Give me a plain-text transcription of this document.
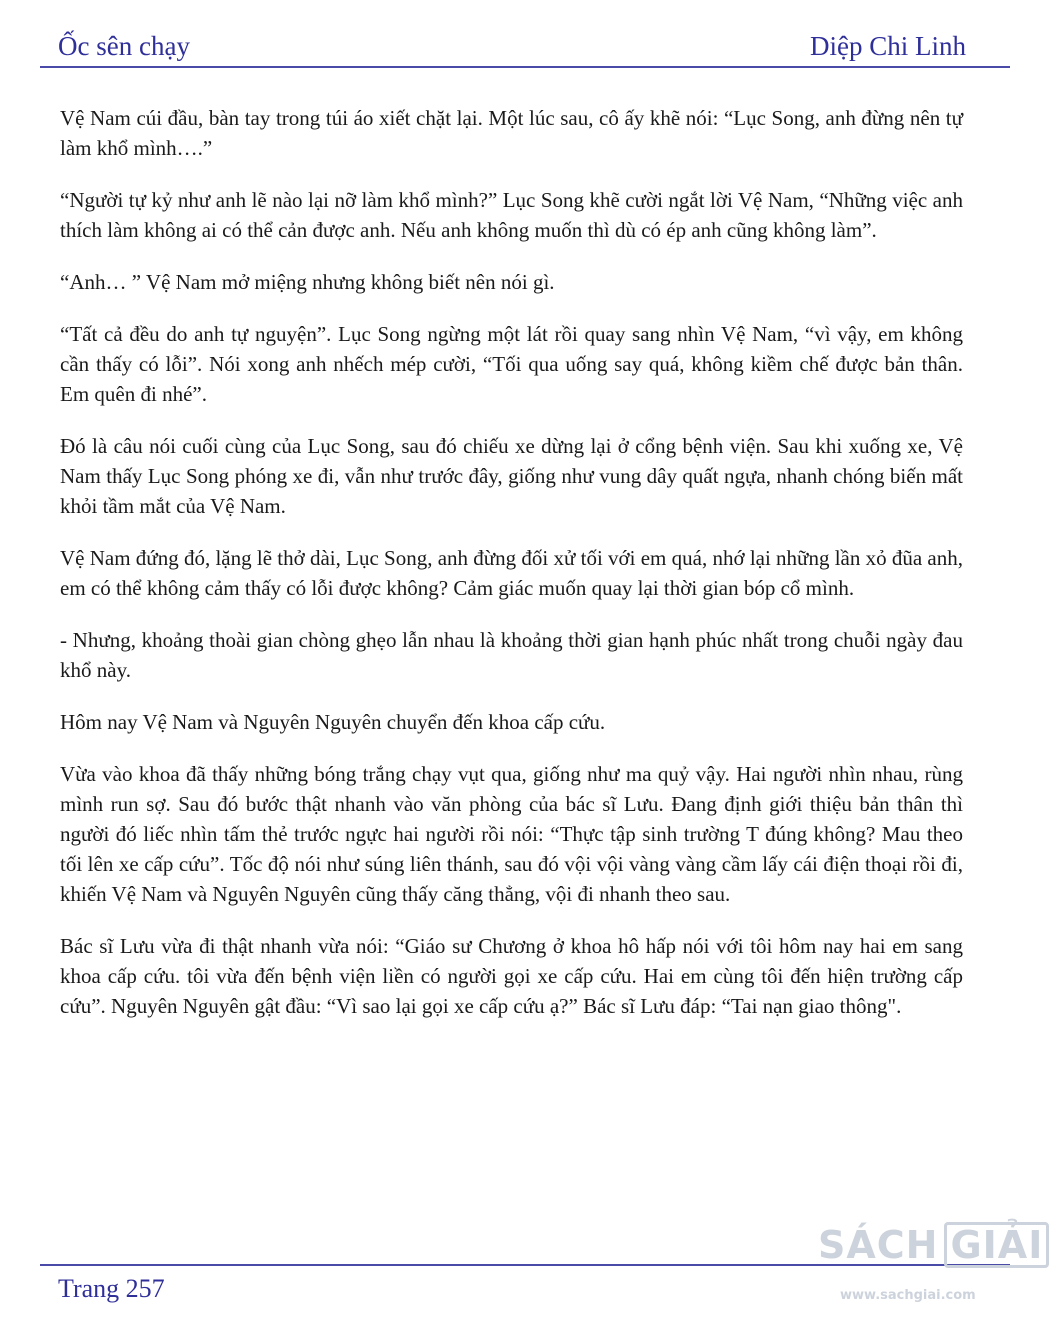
Ốc sên chạy	Diệp Chi Linh

Vệ Nam cúi đầu, bàn tay trong túi áo xiết chặt lại. Một lúc sau, cô ấy khẽ nói: “Lục Song, anh đừng nên tự làm khổ mình….”

“Người tự kỷ như anh lẽ nào lại nỡ làm khổ mình?” Lục Song khẽ cười ngắt lời Vệ Nam, “Những việc anh thích làm không ai có thể cản được anh. Nếu anh không muốn thì dù có ép anh cũng không làm”.

“Anh… ” Vệ Nam mở miệng nhưng không biết nên nói gì.

“Tất cả đều do anh tự nguyện”. Lục Song ngừng một lát rồi quay sang nhìn Vệ Nam, “vì vậy, em không cần thấy có lỗi”. Nói xong anh nhếch mép cười, “Tối qua uống say quá, không kiềm chế được bản thân. Em quên đi nhé”.

Đó là câu nói cuối cùng của Lục Song, sau đó chiếu xe dừng lại ở cổng bệnh viện. Sau khi xuống xe, Vệ Nam thấy Lục Song phóng xe đi, vẫn như trước đây, giống như vung dây quất ngựa, nhanh chóng biến mất khỏi tầm mắt của Vệ Nam.

Vệ Nam đứng đó, lặng lẽ thở dài, Lục Song, anh đừng đối xử tối với em quá, nhớ lại những lần xỏ đũa anh, em có thể không cảm thấy có lỗi được không? Cảm giác muốn quay lại thời gian bóp cổ mình.

- Nhưng, khoảng thoài gian chòng ghẹo lẫn nhau là khoảng thời gian hạnh phúc nhất trong chuỗi ngày đau khổ này.

Hôm nay Vệ Nam và Nguyên Nguyên chuyển đến khoa cấp cứu.

Vừa vào khoa đã thấy những bóng trắng chạy vụt qua, giống như ma quỷ vậy. Hai người nhìn nhau, rùng mình run sợ. Sau đó bước thật nhanh vào văn phòng của bác sĩ Lưu. Đang định giới thiệu bản thân thì người đó liếc nhìn tấm thẻ trước ngực hai người rồi nói: “Thực tập sinh trường T đúng không? Mau theo tối lên xe cấp cứu”. Tốc độ nói như súng liên thánh, sau đó vội vội vàng vàng cầm lấy cái điện thoại rồi đi, khiến Vệ Nam và Nguyên Nguyên cũng thấy căng thẳng, vội đi nhanh theo sau.

Bác sĩ Lưu vừa đi thật nhanh vừa nói: “Giáo sư Chương ở khoa hô hấp nói với tôi hôm nay hai em sang khoa cấp cứu. tôi vừa đến bệnh viện liền có người gọi xe cấp cứu. Hai em cùng tôi đến hiện trường cấp cứu”. Nguyên Nguyên gật đầu: “Vì sao lại gọi xe cấp cứu ạ?” Bác sĩ Lưu đáp: “Tai nạn giao thông".

Trang 257
SÁCH GIẢI
www.sachgiai.com
